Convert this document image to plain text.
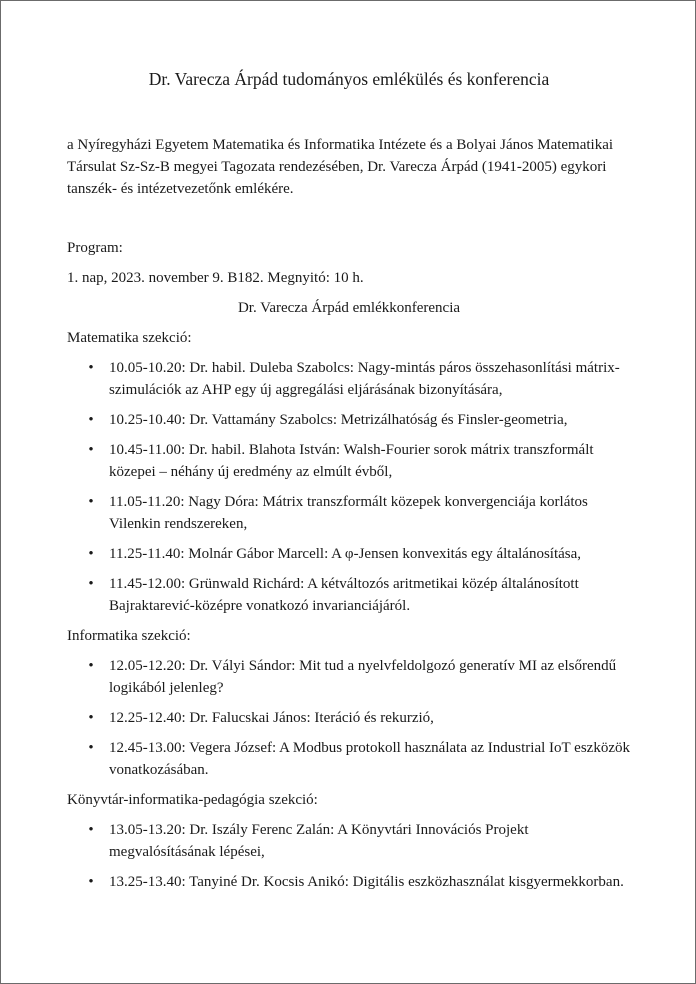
Dr. Varecza Árpád tudományos emlékülés és konferencia

a Nyíregyházi Egyetem Matematika és Informatika Intézete és a Bolyai János Matematikai Társulat Sz-Sz-B megyei Tagozata rendezésében, Dr. Varecza Árpád (1941-2005) egykori tanszék- és intézetvezetőnk emlékére.

Program:

1. nap, 2023. november 9. B182. Megnyitó: 10 h.

Dr. Varecza Árpád emlékkonferencia

Matematika szekció:

• 10.05-10.20: Dr. habil. Duleba Szabolcs: Nagy-mintás páros összehasonlítási mátrix-szimulációk az AHP egy új aggregálási eljárásának bizonyítására,
• 10.25-10.40: Dr. Vattamány Szabolcs: Metrizálhatóság és Finsler-geometria,
• 10.45-11.00: Dr. habil. Blahota István: Walsh-Fourier sorok mátrix transzformált közepei – néhány új eredmény az elmúlt évből,
• 11.05-11.20: Nagy Dóra: Mátrix transzformált közepek konvergenciája korlátos Vilenkin rendszereken,
• 11.25-11.40: Molnár Gábor Marcell: A φ-Jensen konvexitás egy általánosítása,
• 11.45-12.00: Grünwald Richárd: A kétváltozós aritmetikai közép általánosított Bajraktarević-középre vonatkozó invarianciájáról.

Informatika szekció:

• 12.05-12.20: Dr. Vályi Sándor: Mit tud a nyelvfeldolgozó generatív MI az elsőrendű logikából jelenleg?
• 12.25-12.40: Dr. Falucskai János: Iteráció és rekurzió,
• 12.45-13.00: Vegera József: A Modbus protokoll használata az Industrial IoT eszközök vonatkozásában.

Könyvtár-informatika-pedagógia szekció:

• 13.05-13.20: Dr. Iszály Ferenc Zalán: A Könyvtári Innovációs Projekt megvalósításának lépései,
• 13.25-13.40: Tanyiné Dr. Kocsis Anikó: Digitális eszközhasználat kisgyermekkorban.
